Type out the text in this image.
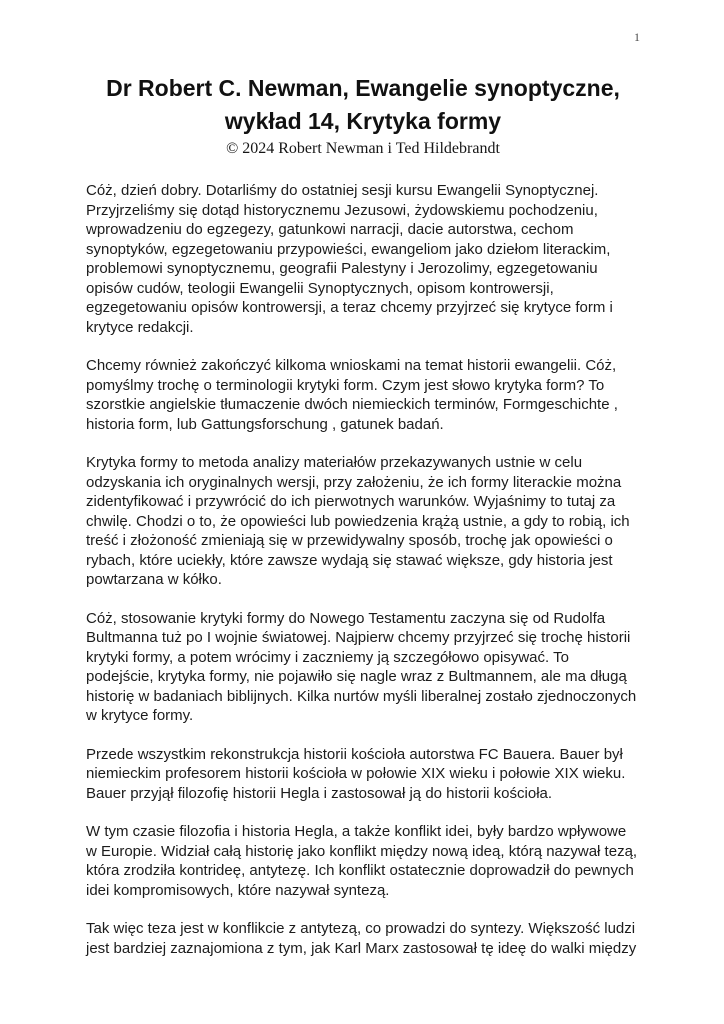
1
Dr Robert C. Newman, Ewangelie synoptyczne,
wykład 14, Krytyka formy
© 2024 Robert Newman i Ted Hildebrandt

Cóż, dzień dobry. Dotarliśmy do ostatniej sesji kursu Ewangelii Synoptycznej. Przyjrzeliśmy się dotąd historycznemu Jezusowi, żydowskiemu pochodzeniu, wprowadzeniu do egzegezy, gatunkowi narracji, dacie autorstwa, cechom synoptyków, egzegetowaniu przypowieści, ewangeliom jako dziełom literackim, problemowi synoptycznemu, geografii Palestyny i Jerozolimy, egzegetowaniu opisów cudów, teologii Ewangelii Synoptycznych, opisom kontrowersji, egzegetowaniu opisów kontrowersji, a teraz chcemy przyjrzeć się krytyce form i krytyce redakcji.

Chcemy również zakończyć kilkoma wnioskami na temat historii ewangelii. Cóż, pomyślmy trochę o terminologii krytyki form. Czym jest słowo krytyka form? To szorstkie angielskie tłumaczenie dwóch niemieckich terminów, Formgeschichte , historia form, lub Gattungsforschung , gatunek badań.

Krytyka formy to metoda analizy materiałów przekazywanych ustnie w celu odzyskania ich oryginalnych wersji, przy założeniu, że ich formy literackie można zidentyfikować i przywrócić do ich pierwotnych warunków. Wyjaśnimy to tutaj za chwilę. Chodzi o to, że opowieści lub powiedzenia krążą ustnie, a gdy to robią, ich treść i złożoność zmieniają się w przewidywalny sposób, trochę jak opowieści o rybach, które uciekły, które zawsze wydają się stawać większe, gdy historia jest powtarzana w kółko.

Cóż, stosowanie krytyki formy do Nowego Testamentu zaczyna się od Rudolfa Bultmanna tuż po I wojnie światowej. Najpierw chcemy przyjrzeć się trochę historii krytyki formy, a potem wrócimy i zaczniemy ją szczegółowo opisywać. To podejście, krytyka formy, nie pojawiło się nagle wraz z Bultmannem, ale ma długą historię w badaniach biblijnych. Kilka nurtów myśli liberalnej zostało zjednoczonych w krytyce formy.

Przede wszystkim rekonstrukcja historii kościoła autorstwa FC Bauera. Bauer był niemieckim profesorem historii kościoła w połowie XIX wieku i połowie XIX wieku. Bauer przyjął filozofię historii Hegla i zastosował ją do historii kościoła.

W tym czasie filozofia i historia Hegla, a także konflikt idei, były bardzo wpływowe w Europie. Widział całą historię jako konflikt między nową ideą, którą nazywał tezą, która zrodziła kontrideę, antytezę. Ich konflikt ostatecznie doprowadził do pewnych idei kompromisowych, które nazywał syntezą.

Tak więc teza jest w konflikcie z antytezą, co prowadzi do syntezy. Większość ludzi jest bardziej zaznajomiona z tym, jak Karl Marx zastosował tę ideę do walki między
